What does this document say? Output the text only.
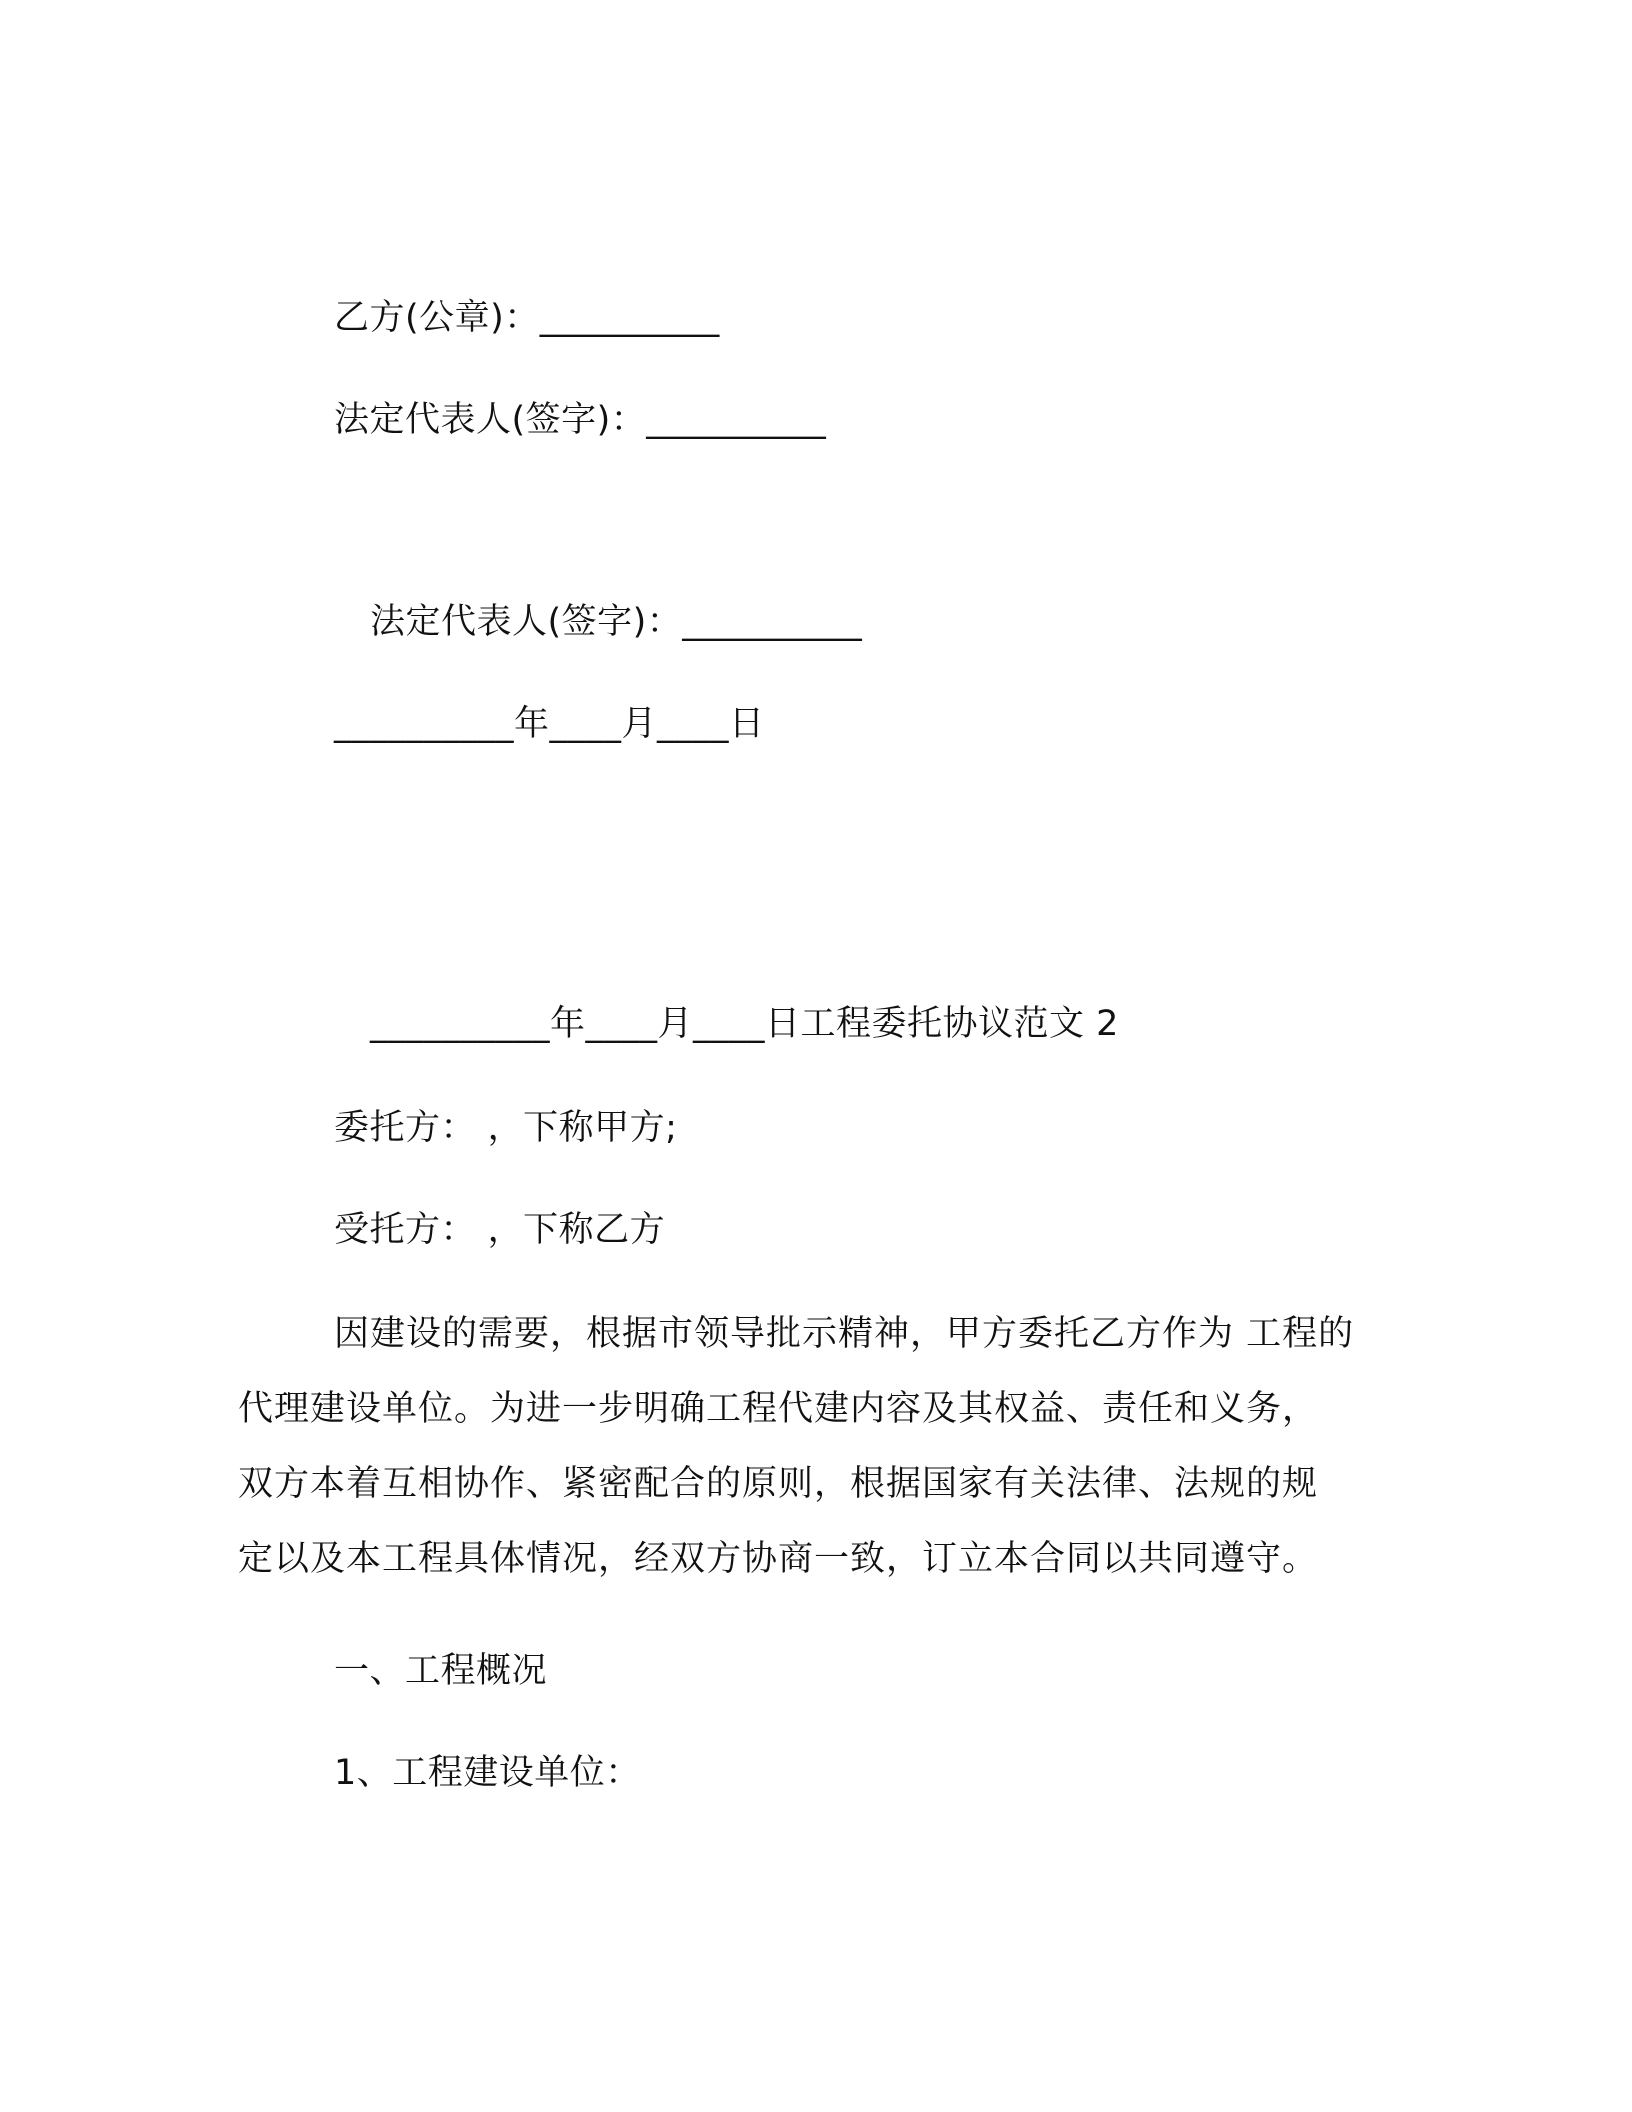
乙方(公章)：__________
法定代表人(签字)：__________
法定代表人(签字)：__________
__________年____月____日
__________年____月____日工程委托协议范文 2
委托方： ，下称甲方;
受托方： ，下称乙方
因建设的需要，根据市领导批示精神，甲方委托乙方作为 工程的
代理建设单位。为进一步明确工程代建内容及其权益、责任和义务，
双方本着互相协作、紧密配合的原则，根据国家有关法律、法规的规
定以及本工程具体情况，经双方协商一致，订立本合同以共同遵守。
一、工程概况
1、工程建设单位：
